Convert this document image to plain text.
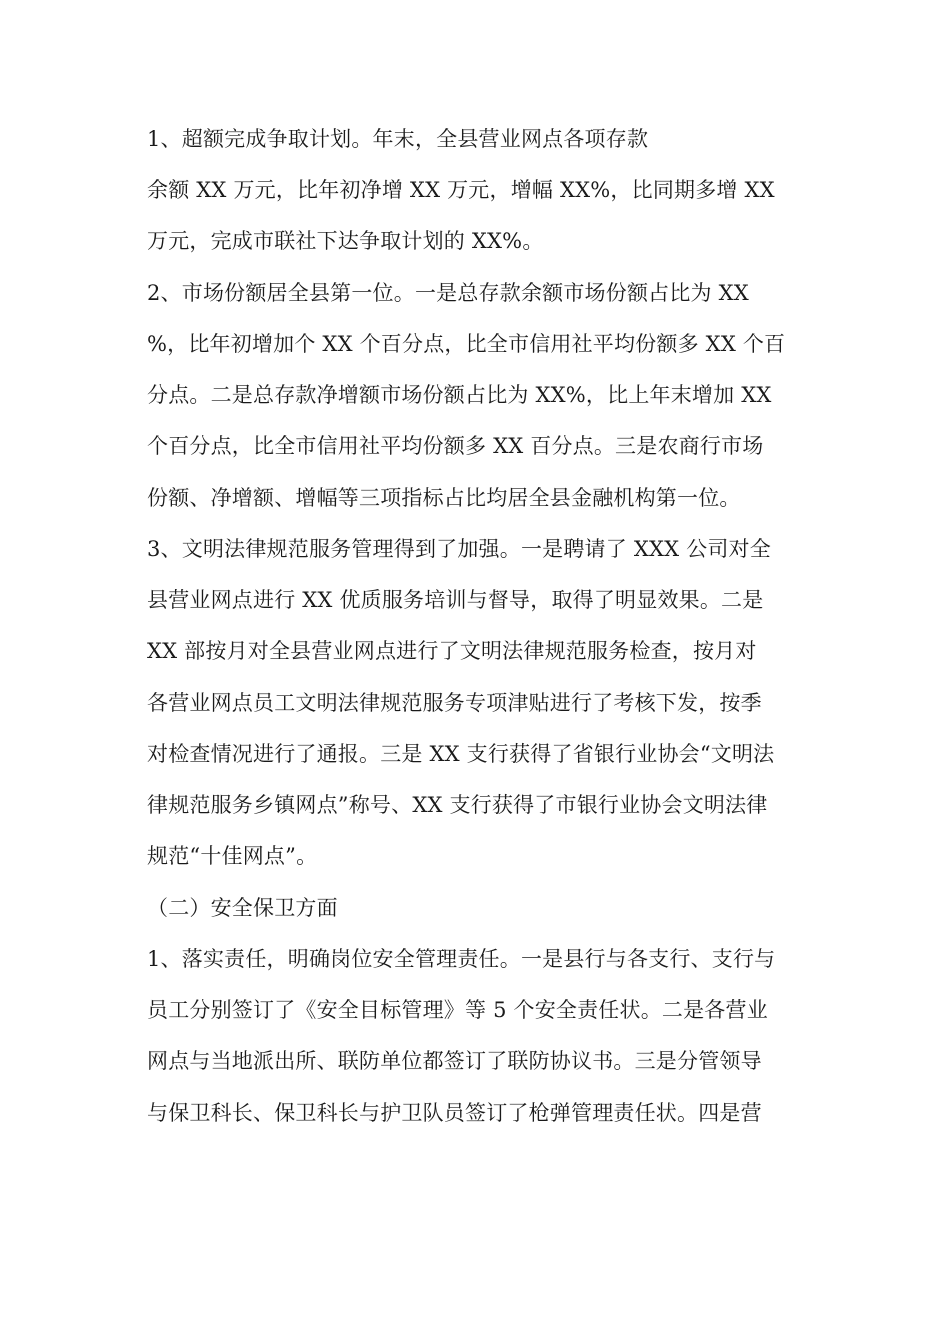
1、超额完成争取计划。年末，全县营业网点各项存款
余额 XX 万元，比年初净增 XX 万元，增幅 XX%，比同期多增 XX
万元，完成市联社下达争取计划的 XX%。
2、市场份额居全县第一位。一是总存款余额市场份额占比为 XX
%，比年初增加个 XX 个百分点，比全市信用社平均份额多 XX 个百
分点。二是总存款净增额市场份额占比为 XX%，比上年末增加 XX
个百分点，比全市信用社平均份额多 XX 百分点。三是农商行市场
份额、净增额、增幅等三项指标占比均居全县金融机构第一位。
3、文明法律规范服务管理得到了加强。一是聘请了 XXX 公司对全
县营业网点进行 XX 优质服务培训与督导，取得了明显效果。二是
XX 部按月对全县营业网点进行了文明法律规范服务检查，按月对
各营业网点员工文明法律规范服务专项津贴进行了考核下发，按季
对检查情况进行了通报。三是 XX 支行获得了省银行业协会“文明法
律规范服务乡镇网点”称号、XX 支行获得了市银行业协会文明法律
规范“十佳网点”。
（二）安全保卫方面
1、落实责任，明确岗位安全管理责任。一是县行与各支行、支行与
员工分别签订了《安全目标管理》等 5 个安全责任状。二是各营业
网点与当地派出所、联防单位都签订了联防协议书。三是分管领导
与保卫科长、保卫科长与护卫队员签订了枪弹管理责任状。四是营
